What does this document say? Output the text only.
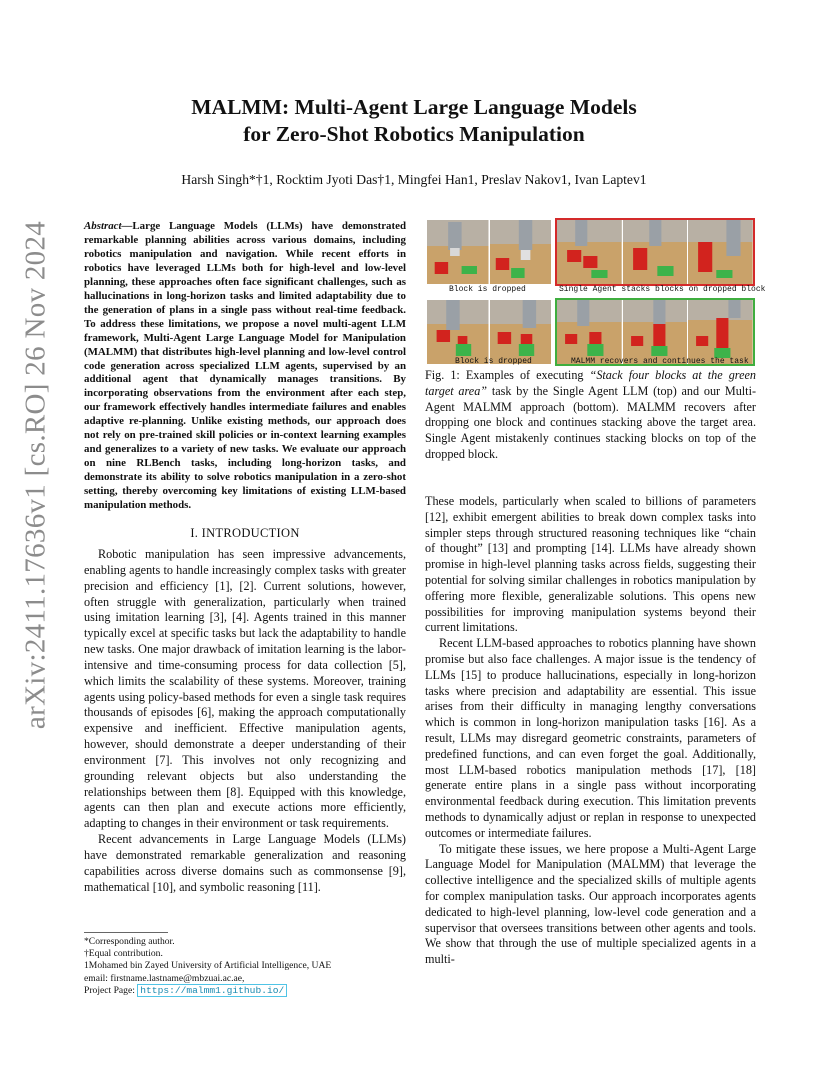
arXiv:2411.17636v1 [cs.RO] 26 Nov 2024
MALMM: Multi-Agent Large Language Models
for Zero-Shot Robotics Manipulation
Harsh Singh*†1, Rocktim Jyoti Das†1, Mingfei Han1, Preslav Nakov1, Ivan Laptev1
Abstract—Large Language Models (LLMs) have demonstrated remarkable planning abilities across various domains, including robotics manipulation and navigation. While recent efforts in robotics have leveraged LLMs both for high-level and low-level planning, these approaches often face significant challenges, such as hallucinations in long-horizon tasks and limited adaptability due to the generation of plans in a single pass without real-time feedback. To address these limitations, we propose a novel multi-agent LLM framework, Multi-Agent Large Language Model for Manipulation (MALMM) that distributes high-level planning and low-level control code generation across specialized LLM agents, supervised by an additional agent that dynamically manages transitions. By incorporating observations from the environment after each step, our framework effectively handles intermediate failures and enables adaptive re-planning. Unlike existing methods, our approach does not rely on pre-trained skill policies or in-context learning examples and generalizes to a variety of new tasks. We evaluate our approach on nine RLBench tasks, including long-horizon tasks, and demonstrate its ability to solve robotics manipulation in a zero-shot setting, thereby overcoming key limitations of existing LLM-based manipulation methods.
I. INTRODUCTION

Robotic manipulation has seen impressive advancements, enabling agents to handle increasingly complex tasks with greater precision and efficiency [1], [2]. Current solutions, however, often struggle with generalization, particularly when trained using imitation learning [3], [4]. Agents trained in this manner typically excel at specific tasks but lack the adaptability to handle new tasks. One major drawback of imitation learning is the labor-intensive and time-consuming process for data collection [5], which limits the scalability of these systems. Moreover, training agents using policy-based methods for even a single task requires thousands of episodes [6], making the approach computationally expensive and inefficient. Effective manipulation agents, however, should demonstrate a deeper understanding of their environment [7]. This involves not only recognizing and grounding relevant objects but also understanding the relationships between them [8]. Equipped with this knowledge, agents can then plan and execute actions more efficiently, adapting to changes in their environment or task requirements.

Recent advancements in Large Language Models (LLMs) have demonstrated remarkable generalization and reasoning capabilities across diverse domains such as commonsense [9], mathematical [10], and symbolic reasoning [11].

*Corresponding author.
†Equal contribution.
1Mohamed bin Zayed University of Artificial Intelligence, UAE
email: firstname.lastname@mbzuai.ac.ae,
Project Page: https://malmm1.github.io/
Block is dropped	Single Agent stacks blocks on dropped block
Block is dropped	MALMM recovers and continues the task
Fig. 1: Examples of executing “Stack four blocks at the green target area” task by the Single Agent LLM (top) and our Multi-Agent MALMM approach (bottom). MALMM recovers after dropping one block and continues stacking above the target area. Single Agent mistakenly continues stacking blocks on top of the dropped block.

These models, particularly when scaled to billions of parameters [12], exhibit emergent abilities to break down complex tasks into simpler steps through structured reasoning techniques like “chain of thought” [13] and prompting [14]. LLMs have already shown promise in high-level planning tasks across fields, suggesting their potential for solving similar challenges in robotics manipulation by offering more flexible, generalizable solutions. This opens new possibilities for improving manipulation systems beyond their current limitations.

Recent LLM-based approaches to robotics planning have shown promise but also face challenges. A major issue is the tendency of LLMs [15] to produce hallucinations, especially in long-horizon tasks where precision and adaptability are essential. This issue arises from their difficulty in managing lengthy conversations which is common in long-horizon manipulation tasks [16]. As a result, LLMs may disregard geometric constraints, parameters of predefined functions, and can even forget the goal. Additionally, most LLM-based robotics manipulation methods [17], [18] generate entire plans in a single pass without incorporating environmental feedback during execution. This limitation prevents methods to dynamically adjust or replan in response to unexpected outcomes or intermediate failures.

To mitigate these issues, we here propose a Multi-Agent Large Language Model for Manipulation (MALMM) that leverage the collective intelligence and the specialized skills of multiple agents for complex manipulation tasks. Our approach incorporates agents dedicated to high-level planning, low-level code generation and a supervisor that oversees transitions between other agents and tools. We show that through the use of multiple specialized agents in a multi-
